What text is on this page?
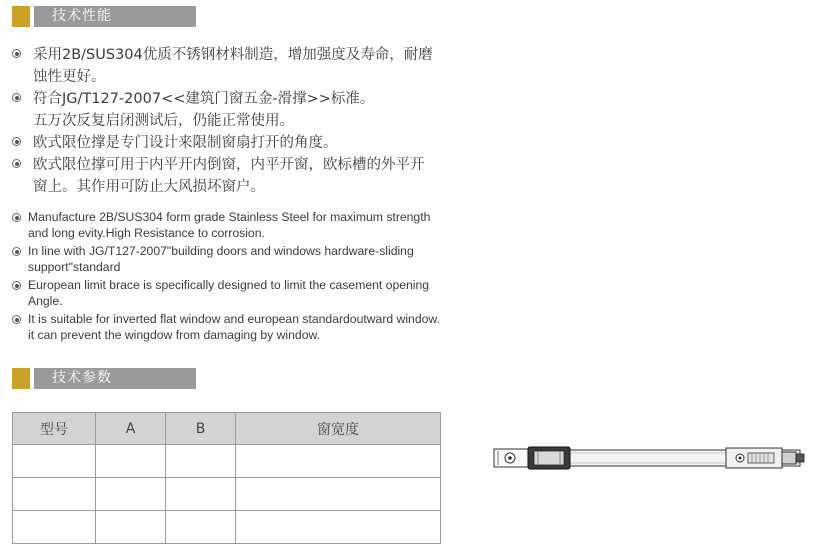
技术性能
采用2B/SUS304优质不锈钢材料制造，增加强度及寿命，耐磨
蚀性更好。
符合JG/T127-2007<<建筑门窗五金-滑撑>>标准。
五万次反复启闭测试后，仍能正常使用。
欧式限位撑是专门设计来限制窗扇打开的角度。
欧式限位撑可用于内平开内倒窗，内平开窗，欧标槽的外平开
窗上。其作用可防止大风损坏窗户。
Manufacture 2B/SUS304 form grade Stainless Steel for maximum strength
and long evity.High Resistance to corrosion.
In line with JG/T127-2007"building doors and windows hardware-sliding
support"standard
European limit brace is specifically designed to limit the casement opening
Angle.
It is suitable for inverted flat window and european standardoutward window.
it can prevent the wingdow from damaging by window.
技术参数
型号	A	B	窗宽度
